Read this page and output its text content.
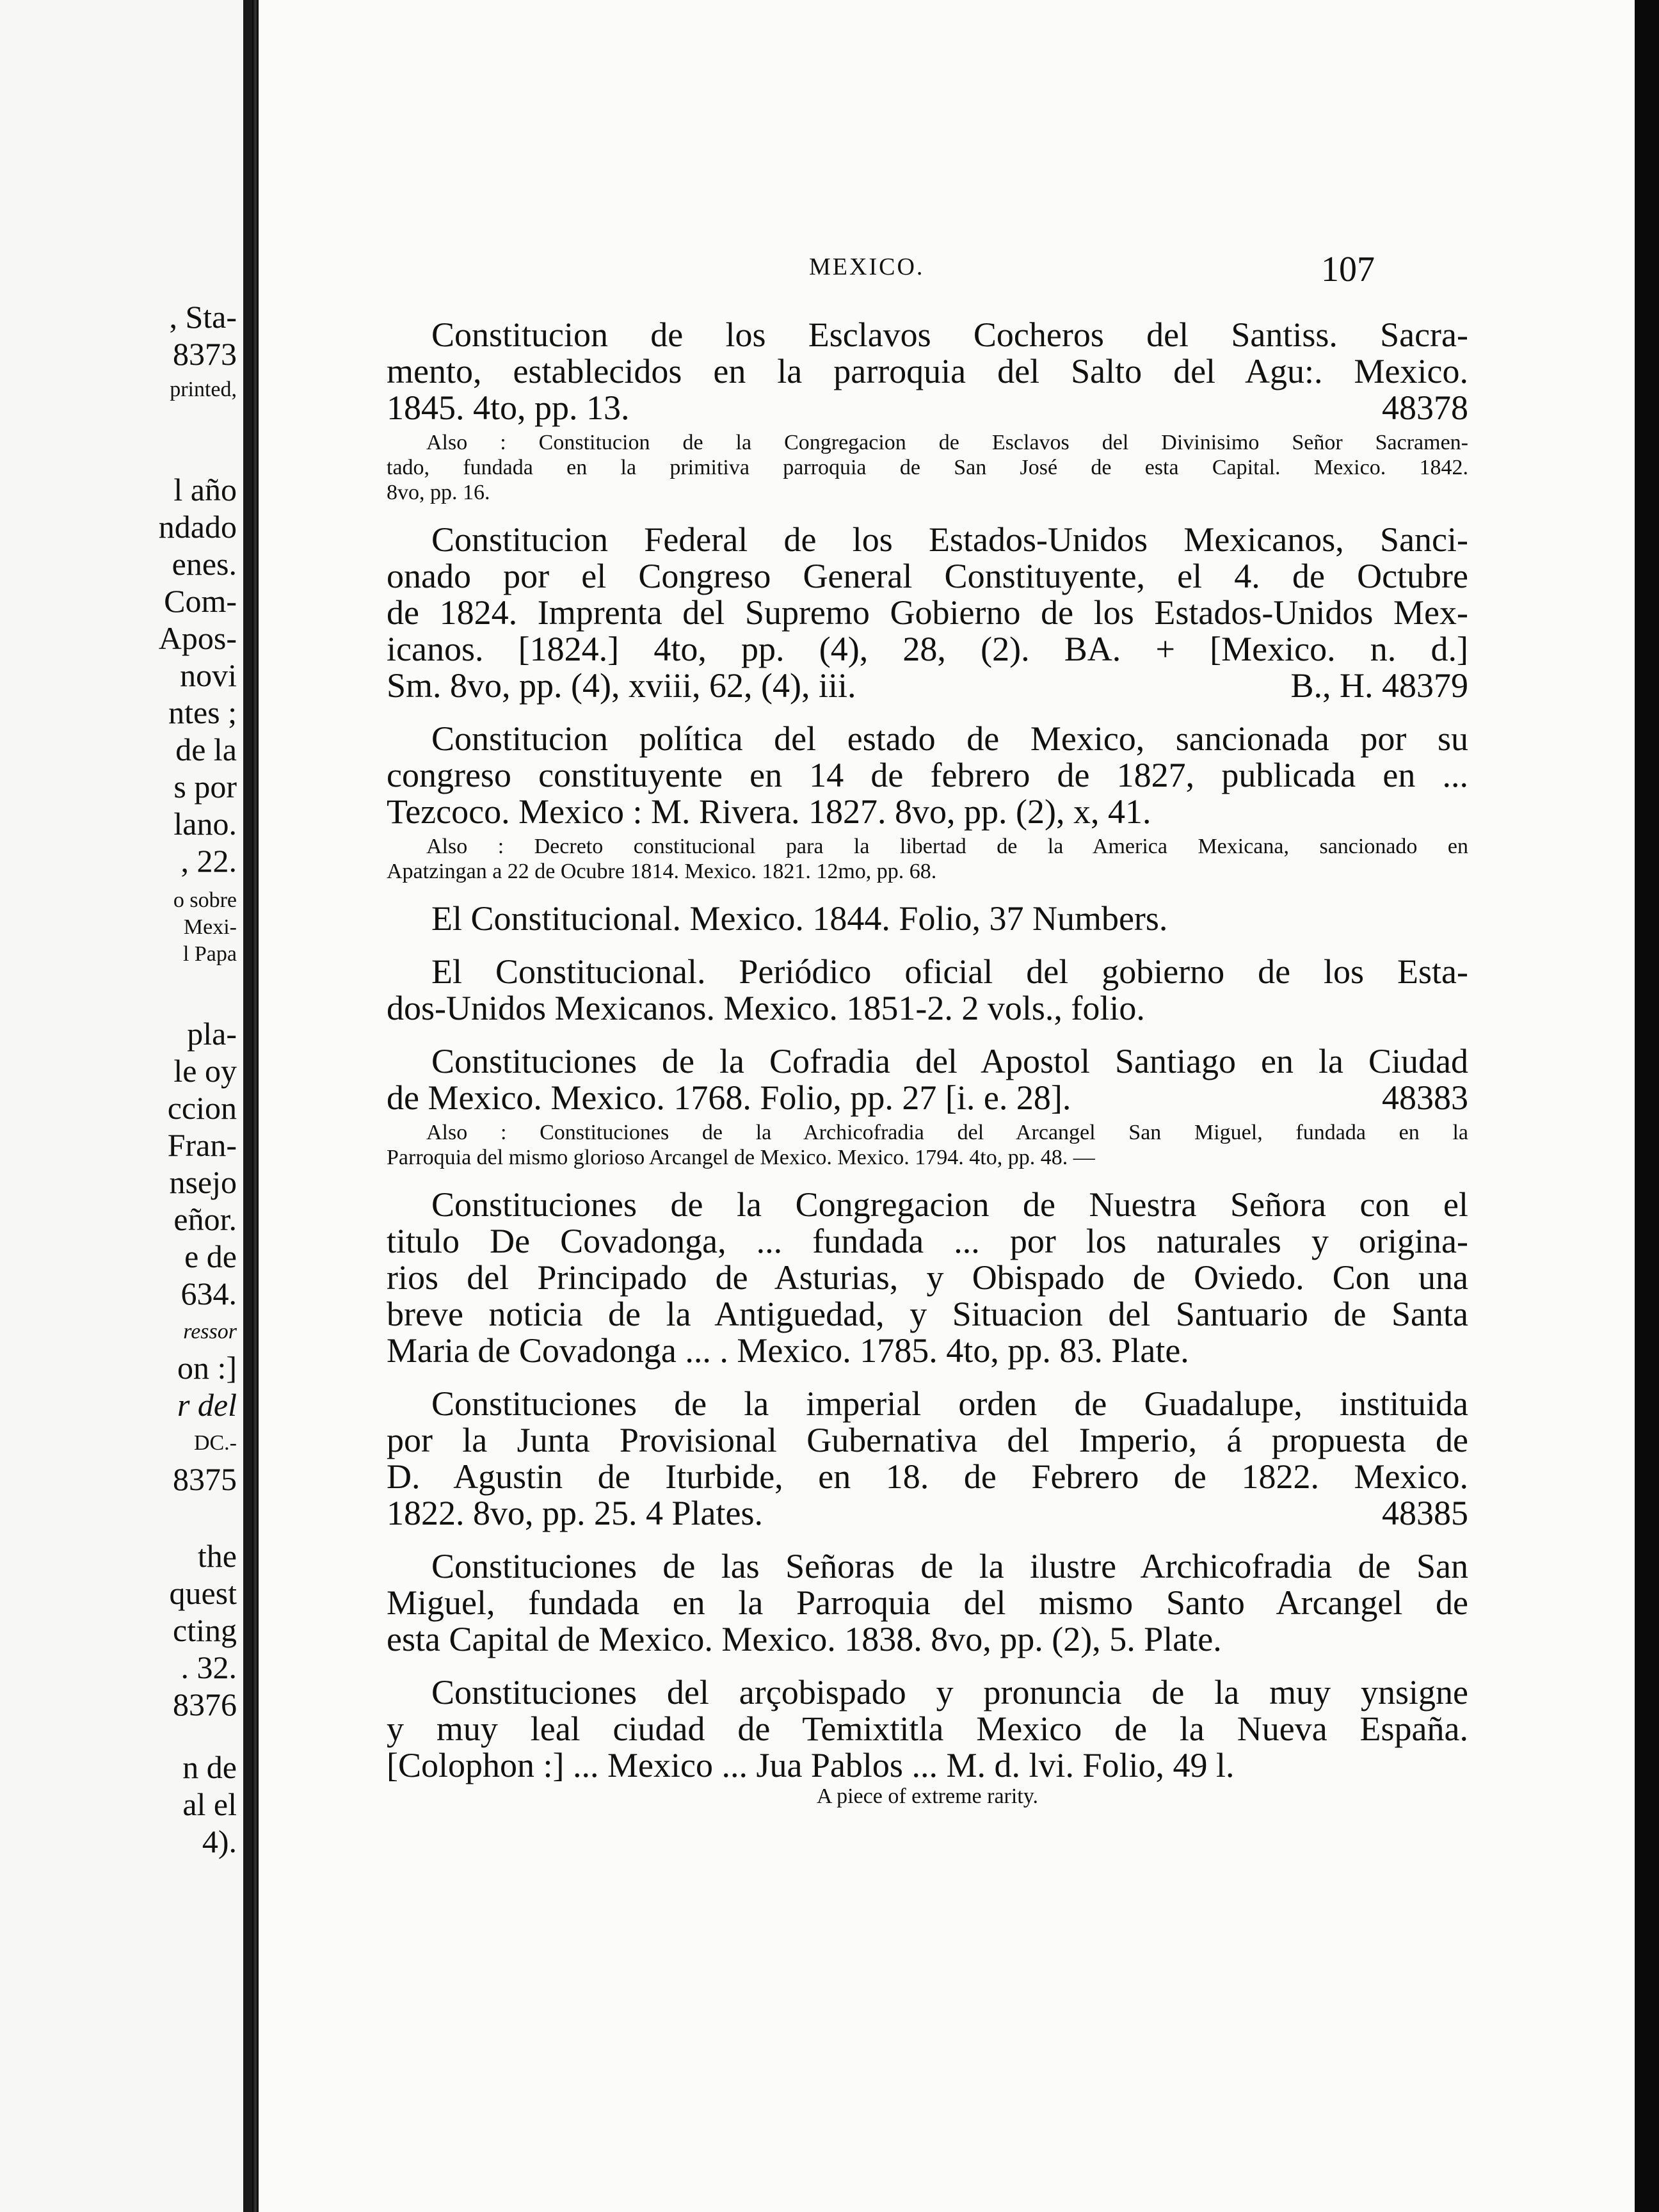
, Sta-
8373
printed,
l año
ndado
enes.
Com-
Apos-
novi
ntes ;
de la
s por
lano.
, 22.
o sobre
Mexi-
l Papa
pla-
le oy
ccion
Fran-
nsejo
eñor.
e de
634.
ressor
on :]
r del
DC.-
8375
the
quest
cting
. 32.
8376
n de
al el
4).
MEXICO.	107
Constitucion de los Esclavos Cocheros del Santiss. Sacra-
mento, establecidos en la parroquia del Salto del Agu:. Mexico.
1845. 4to, pp. 13.	48378
Also : Constitucion de la Congregacion de Esclavos del Divinisimo Señor Sacramen-
tado, fundada en la primitiva parroquia de San José de esta Capital. Mexico. 1842.
8vo, pp. 16.
Constitucion Federal de los Estados-Unidos Mexicanos, Sanci-
onado por el Congreso General Constituyente, el 4. de Octubre
de 1824. Imprenta del Supremo Gobierno de los Estados-Unidos Mex-
icanos. [1824.] 4to, pp. (4), 28, (2). BA. + [Mexico. n. d.]
Sm. 8vo, pp. (4), xviii, 62, (4), iii.	B., H. 48379
Constitucion política del estado de Mexico, sancionada por su
congreso constituyente en 14 de febrero de 1827, publicada en ...
Tezcoco. Mexico : M. Rivera. 1827. 8vo, pp. (2), x, 41.
Also : Decreto constitucional para la libertad de la America Mexicana, sancionado en
Apatzingan a 22 de Ocubre 1814. Mexico. 1821. 12mo, pp. 68.
El Constitucional. Mexico. 1844. Folio, 37 Numbers.
El Constitucional. Periódico oficial del gobierno de los Esta-
dos-Unidos Mexicanos. Mexico. 1851-2. 2 vols., folio.
Constituciones de la Cofradia del Apostol Santiago en la Ciudad
de Mexico. Mexico. 1768. Folio, pp. 27 [i. e. 28].	48383
Also : Constituciones de la Archicofradia del Arcangel San Miguel, fundada en la
Parroquia del mismo glorioso Arcangel de Mexico. Mexico. 1794. 4to, pp. 48. —
Constituciones de la Congregacion de Nuestra Señora con el
titulo De Covadonga, ... fundada ... por los naturales y origina-
rios del Principado de Asturias, y Obispado de Oviedo. Con una
breve noticia de la Antiguedad, y Situacion del Santuario de Santa
Maria de Covadonga ... . Mexico. 1785. 4to, pp. 83. Plate.
Constituciones de la imperial orden de Guadalupe, instituida
por la Junta Provisional Gubernativa del Imperio, á propuesta de
D. Agustin de Iturbide, en 18. de Febrero de 1822. Mexico.
1822. 8vo, pp. 25. 4 Plates.	48385
Constituciones de las Señoras de la ilustre Archicofradia de San
Miguel, fundada en la Parroquia del mismo Santo Arcangel de
esta Capital de Mexico. Mexico. 1838. 8vo, pp. (2), 5. Plate.
Constituciones del arçobispado y pronuncia de la muy ynsigne
y muy leal ciudad de Temixtitla Mexico de la Nueva España.
[Colophon :] ... Mexico ... Jua Pablos ... M. d. lvi. Folio, 49 l.
A piece of extreme rarity.
